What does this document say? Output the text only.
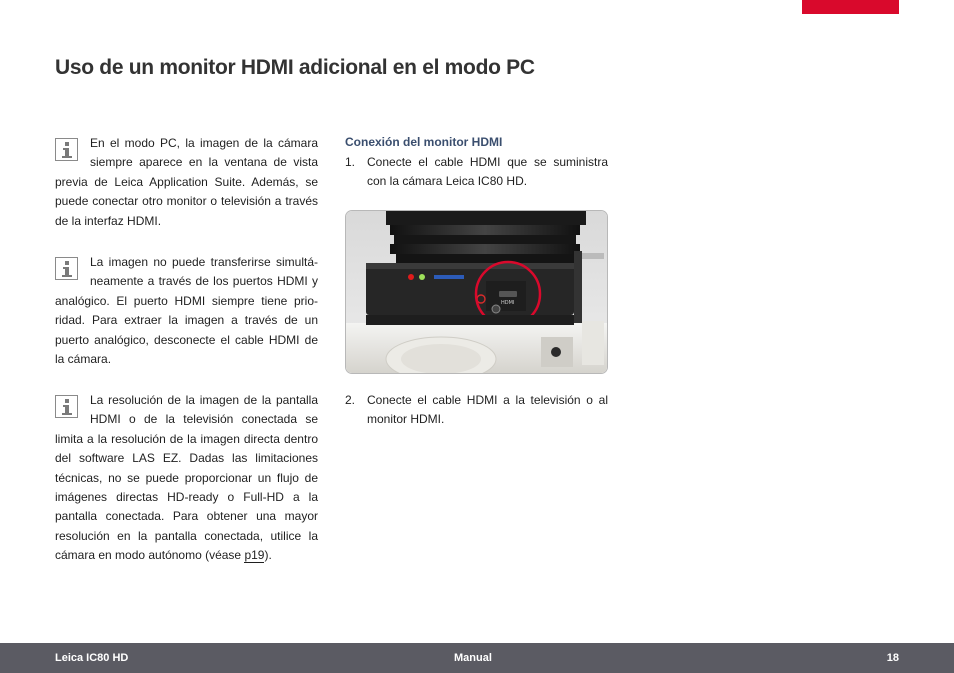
Uso de un monitor HDMI adicional en el modo PC
En el modo PC, la imagen de la cámara siempre aparece en la ventana de vista previa de Leica Application Suite. Además, se puede conectar otro monitor o televisión a través de la interfaz HDMI.
La imagen no puede transferirse simultáneamente a través de los puertos HDMI y analógico. El puerto HDMI siempre tiene prioridad. Para extraer la imagen a través de un puerto analógico, desconecte el cable HDMI de la cámara.
La resolución de la imagen de la pantalla HDMI o de la televisión conectada se limita a la resolución de la imagen directa dentro del software LAS EZ. Dadas las limitaciones técnicas, no se puede proporcionar un flujo de imágenes directas HD-ready o Full-HD a la pantalla conectada. Para obtener una mayor resolución en la pantalla conectada, utilice la cámara en modo autónomo (véase p19).
Conexión del monitor HDMI
1. Conecte el cable HDMI que se suministra con la cámara Leica IC80 HD.
HDMI
2. Conecte el cable HDMI a la televisión o al monitor HDMI.
Leica IC80 HD	Manual	18
